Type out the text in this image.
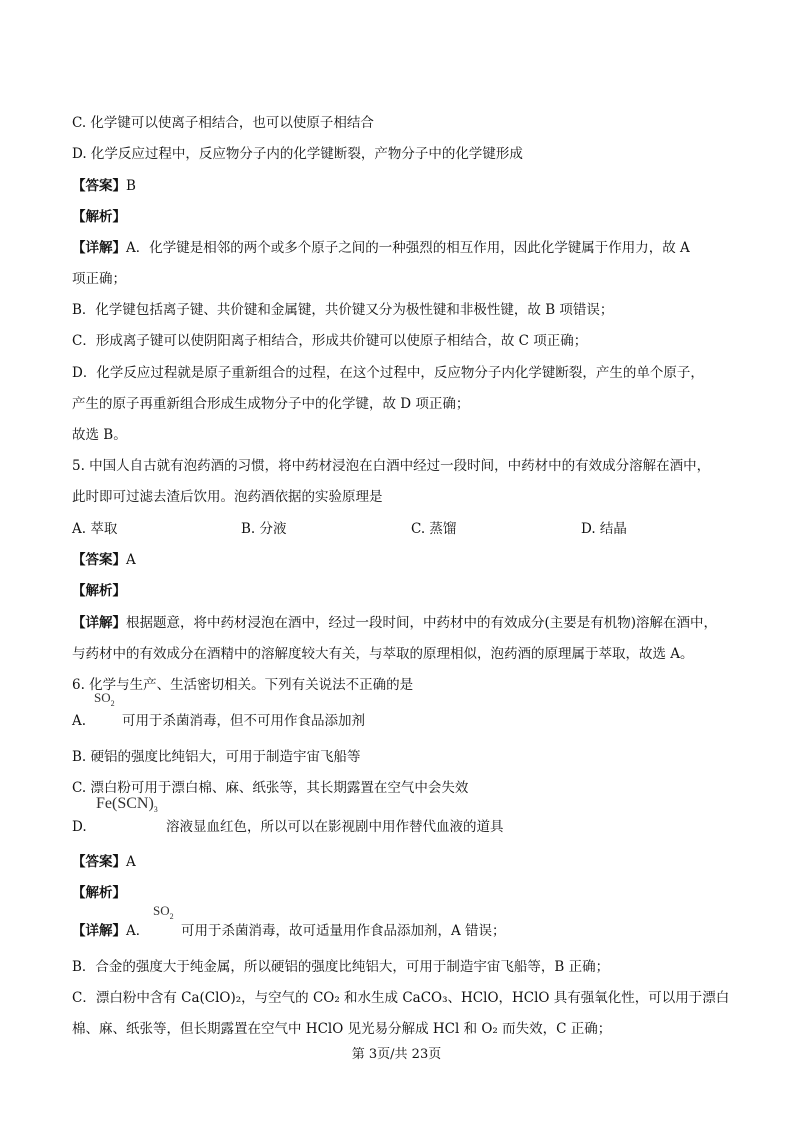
C. 化学键可以使离子相结合，也可以使原子相结合
D. 化学反应过程中，反应物分子内的化学键断裂，产物分子中的化学键形成
【答案】B
【解析】
【详解】A．化学键是相邻的两个或多个原子之间的一种强烈的相互作用，因此化学键属于作用力，故 A
项正确；
B．化学键包括离子键、共价键和金属键，共价键又分为极性键和非极性键，故 B 项错误；
C．形成离子键可以使阴阳离子相结合，形成共价键可以使原子相结合，故 C 项正确；
D．化学反应过程就是原子重新组合的过程，在这个过程中，反应物分子内化学键断裂，产生的单个原子，
产生的原子再重新组合形成生成物分子中的化学键，故 D 项正确；
故选 B。
5. 中国人自古就有泡药酒的习惯，将中药材浸泡在白酒中经过一段时间，中药材中的有效成分溶解在酒中，
此时即可过滤去渣后饮用。泡药酒依据的实验原理是
A. 萃取	B. 分液	C. 蒸馏	D. 结晶
【答案】A
【解析】
【详解】根据题意，将中药材浸泡在酒中，经过一段时间，中药材中的有效成分(主要是有机物)溶解在酒中，
与药材中的有效成分在酒精中的溶解度较大有关，与萃取的原理相似，泡药酒的原理属于萃取，故选 A。
6. 化学与生产、生活密切相关。下列有关说法不正确的是
$SO_2$
A.	可用于杀菌消毒，但不可用作食品添加剂
B. 硬铝的强度比纯铝大，可用于制造宇宙飞船等
C. 漂白粉可用于漂白棉、麻、纸张等，其长期露置在空气中会失效
$Fe(SCN)_3$
D.	溶液显血红色，所以可以在影视剧中用作替代血液的道具
【答案】A
【解析】
$SO_2$
【详解】A． 可用于杀菌消毒，故可适量用作食品添加剂，A 错误；
B．合金的强度大于纯金属，所以硬铝的强度比纯铝大，可用于制造宇宙飞船等，B 正确；
C．漂白粉中含有 Ca(ClO)₂，与空气的 CO₂ 和水生成 CaCO₃、HClO，HClO 具有强氧化性，可以用于漂白
棉、麻、纸张等，但长期露置在空气中 HClO 见光易分解成 HCl 和 O₂ 而失效，C 正确；
第 3页/共 23页
